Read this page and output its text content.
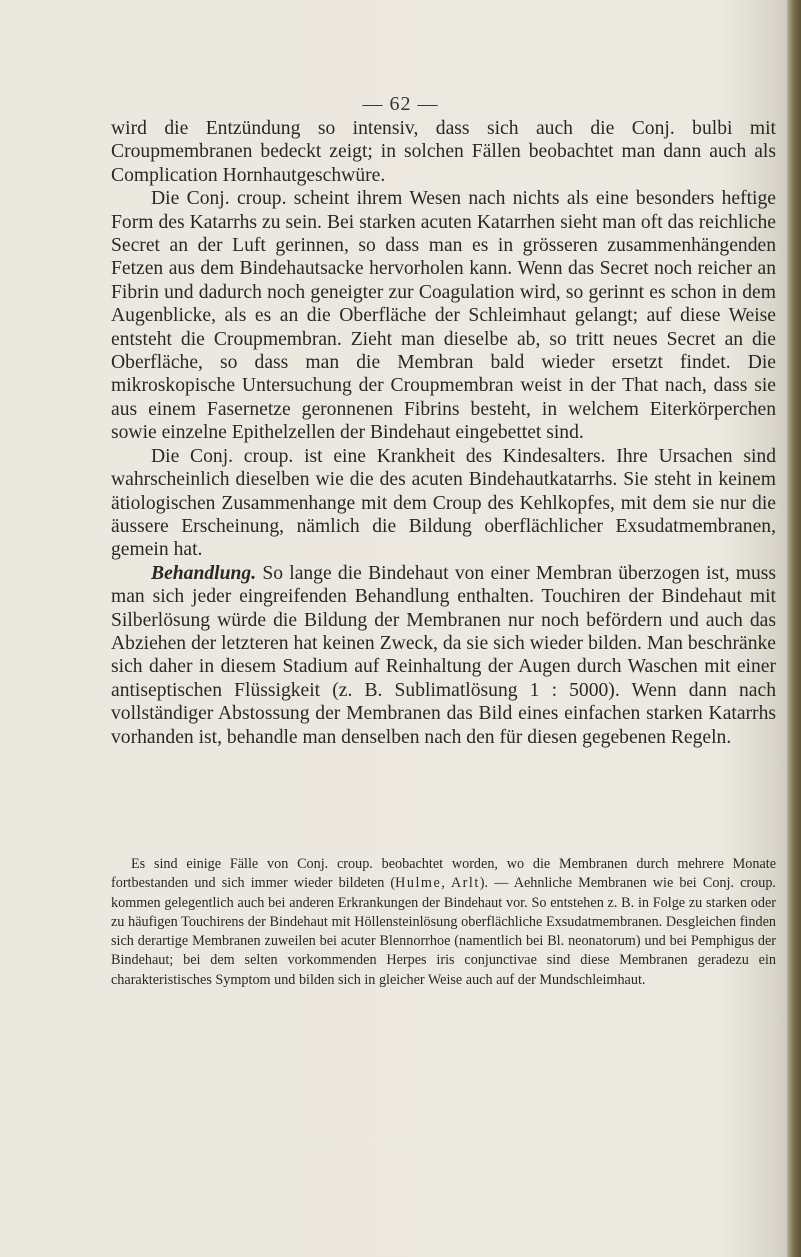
— 62 —

wird die Entzündung so intensiv, dass sich auch die Conj. bulbi mit Croupmembranen bedeckt zeigt; in solchen Fällen beobachtet man dann auch als Complication Hornhautgeschwüre.

Die Conj. croup. scheint ihrem Wesen nach nichts als eine besonders heftige Form des Katarrhs zu sein. Bei starken acuten Katarrhen sieht man oft das reichliche Secret an der Luft gerinnen, so dass man es in grösseren zusammenhängenden Fetzen aus dem Bindehautsacke hervorholen kann. Wenn das Secret noch reicher an Fibrin und dadurch noch geneigter zur Coagulation wird, so gerinnt es schon in dem Augenblicke, als es an die Oberfläche der Schleimhaut gelangt; auf diese Weise entsteht die Croupmembran. Zieht man dieselbe ab, so tritt neues Secret an die Oberfläche, so dass man die Membran bald wieder ersetzt findet. Die mikroskopische Untersuchung der Croupmembran weist in der That nach, dass sie aus einem Fasernetze geronnenen Fibrins besteht, in welchem Eiterkörperchen sowie einzelne Epithelzellen der Bindehaut eingebettet sind.

Die Conj. croup. ist eine Krankheit des Kindesalters. Ihre Ursachen sind wahrscheinlich dieselben wie die des acuten Bindehautkatarrhs. Sie steht in keinem ätiologischen Zusammenhange mit dem Croup des Kehlkopfes, mit dem sie nur die äussere Erscheinung, nämlich die Bildung oberflächlicher Exsudatmembranen, gemein hat.

Behandlung. So lange die Bindehaut von einer Membran überzogen ist, muss man sich jeder eingreifenden Behandlung enthalten. Touchiren der Bindehaut mit Silberlösung würde die Bildung der Membranen nur noch befördern und auch das Abziehen der letzteren hat keinen Zweck, da sie sich wieder bilden. Man beschränke sich daher in diesem Stadium auf Reinhaltung der Augen durch Waschen mit einer antiseptischen Flüssigkeit (z. B. Sublimatlösung 1 : 5000). Wenn dann nach vollständiger Abstossung der Membranen das Bild eines einfachen starken Katarrhs vorhanden ist, behandle man denselben nach den für diesen gegebenen Regeln.

Es sind einige Fälle von Conj. croup. beobachtet worden, wo die Membranen durch mehrere Monate fortbestanden und sich immer wieder bildeten (Hulme, Arlt). — Aehnliche Membranen wie bei Conj. croup. kommen gelegentlich auch bei anderen Erkrankungen der Bindehaut vor. So entstehen z. B. in Folge zu starken oder zu häufigen Touchirens der Bindehaut mit Höllensteinlösung oberflächliche Exsudatmembranen. Desgleichen finden sich derartige Membranen zuweilen bei acuter Blennorrhoe (namentlich bei Bl. neonatorum) und bei Pemphigus der Bindehaut; bei dem selten vorkommenden Herpes iris conjunctivae sind diese Membranen geradezu ein charakteristisches Symptom und bilden sich in gleicher Weise auch auf der Mundschleimhaut.
